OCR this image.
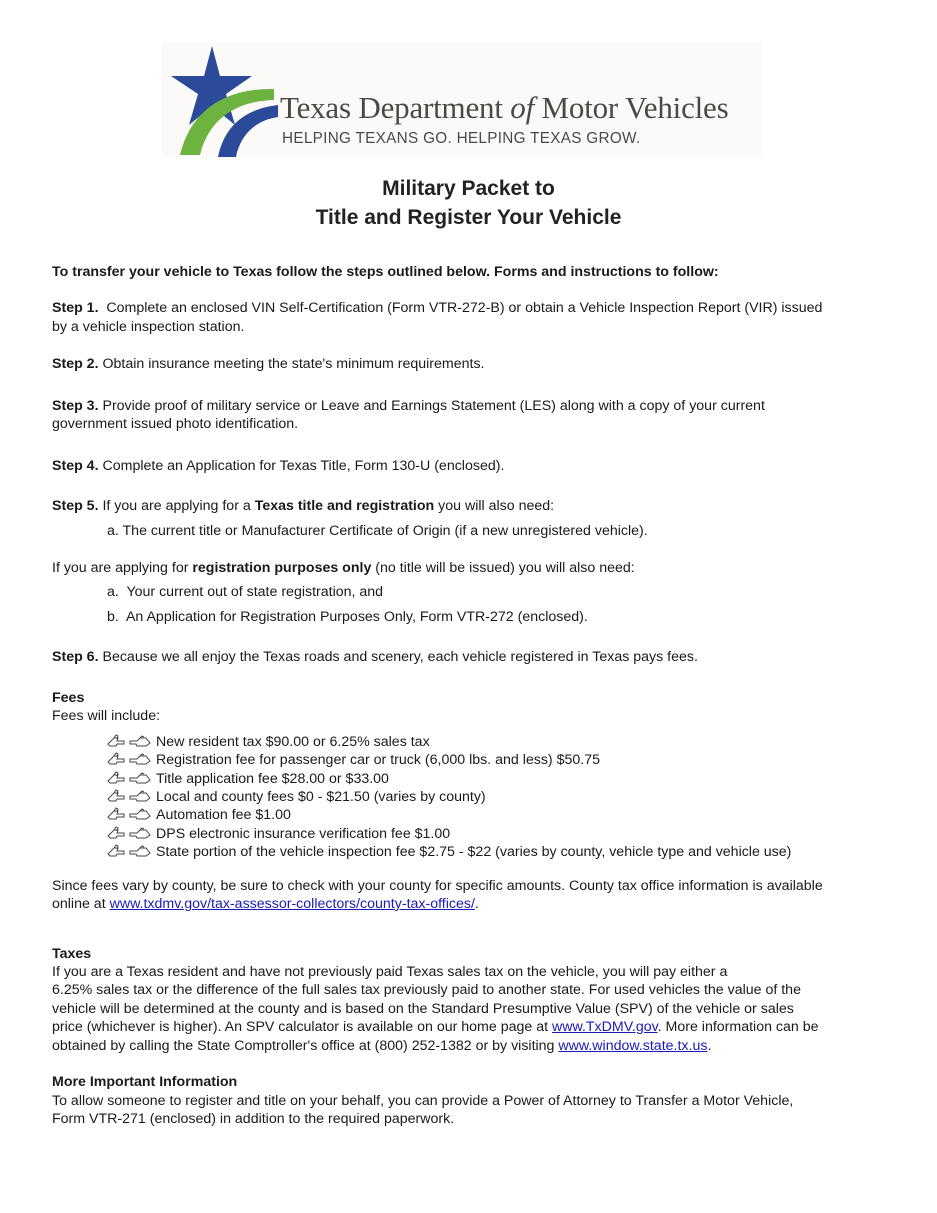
Texas Department of Motor Vehicles
HELPING TEXANS GO. HELPING TEXAS GROW.
Military Packet to
Title and Register Your Vehicle
To transfer your vehicle to Texas follow the steps outlined below. Forms and instructions to follow:
Step 1. Complete an enclosed VIN Self-Certification (Form VTR-272-B) or obtain a Vehicle Inspection Report (VIR) issued
by a vehicle inspection station.
Step 2. Obtain insurance meeting the state's minimum requirements.
Step 3. Provide proof of military service or Leave and Earnings Statement (LES) along with a copy of your current
government issued photo identification.
Step 4. Complete an Application for Texas Title, Form 130-U (enclosed).
Step 5. If you are applying for a Texas title and registration you will also need:
a. The current title or Manufacturer Certificate of Origin (if a new unregistered vehicle).
If you are applying for registration purposes only (no title will be issued) you will also need:
a. Your current out of state registration, and
b. An Application for Registration Purposes Only, Form VTR-272 (enclosed).
Step 6. Because we all enjoy the Texas roads and scenery, each vehicle registered in Texas pays fees.
Fees
Fees will include:
New resident tax $90.00 or 6.25% sales tax
Registration fee for passenger car or truck (6,000 lbs. and less) $50.75
Title application fee $28.00 or $33.00
Local and county fees $0 - $21.50 (varies by county)
Automation fee $1.00
DPS electronic insurance verification fee $1.00
State portion of the vehicle inspection fee $2.75 - $22 (varies by county, vehicle type and vehicle use)
Since fees vary by county, be sure to check with your county for specific amounts. County tax office information is available
online at www.txdmv.gov/tax-assessor-collectors/county-tax-offices/.
Taxes
If you are a Texas resident and have not previously paid Texas sales tax on the vehicle, you will pay either a
6.25% sales tax or the difference of the full sales tax previously paid to another state. For used vehicles the value of the
vehicle will be determined at the county and is based on the Standard Presumptive Value (SPV) of the vehicle or sales
price (whichever is higher). An SPV calculator is available on our home page at www.TxDMV.gov. More information can be
obtained by calling the State Comptroller's office at (800) 252-1382 or by visiting www.window.state.tx.us.
More Important Information
To allow someone to register and title on your behalf, you can provide a Power of Attorney to Transfer a Motor Vehicle,
Form VTR-271 (enclosed) in addition to the required paperwork.
